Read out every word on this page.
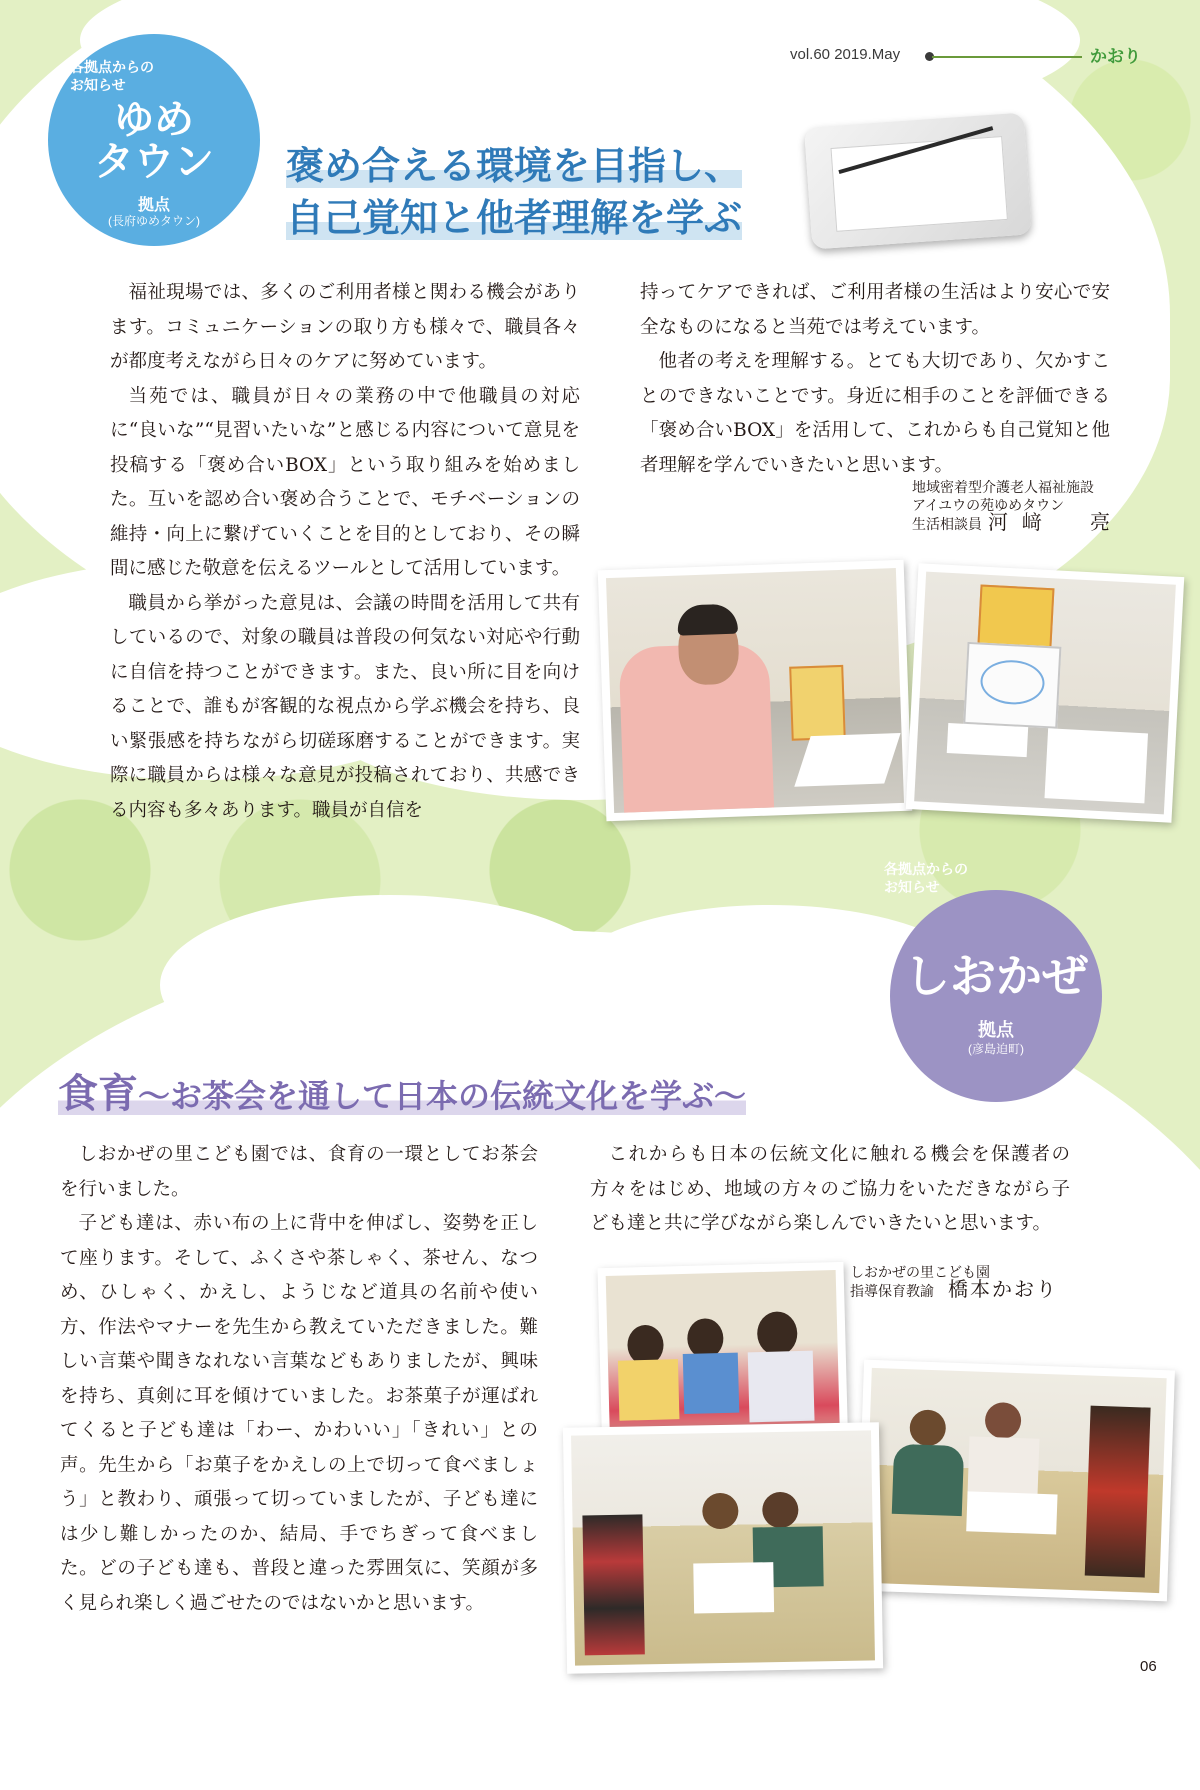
vol.60 2019.May	かおり
各拠点からの
お知らせ
ゆめ
タウン
拠点
(長府ゆめタウン)
褒め合える環境を目指し、
自己覚知と他者理解を学ぶ

福祉現場では、多くのご利用者様と関わる機会があります。コミュニケーションの取り方も様々で、職員各々が都度考えながら日々のケアに努めています。

当苑では、職員が日々の業務の中で他職員の対応に“良いな”“見習いたいな”と感じる内容について意見を投稿する「褒め合いBOX」という取り組みを始めました。互いを認め合い褒め合うことで、モチベーションの維持・向上に繋げていくことを目的としており、その瞬間に感じた敬意を伝えるツールとして活用しています。

職員から挙がった意見は、会議の時間を活用して共有しているので、対象の職員は普段の何気ない対応や行動に自信を持つことができます。また、良い所に目を向けることで、誰もが客観的な視点から学ぶ機会を持ち、良い緊張感を持ちながら切磋琢磨することができます。実際に職員からは様々な意見が投稿されており、共感できる内容も多々あります。職員が自信を

持ってケアできれば、ご利用者様の生活はより安心で安全なものになると当苑では考えています。

他者の考えを理解する。とても大切であり、欠かすことのできないことです。身近に相手のことを評価できる「褒め合いBOX」を活用して、これからも自己覚知と他者理解を学んでいきたいと思います。

地域密着型介護老人福祉施設
アイユウの苑ゆめタウン
生活相談員 河﨑　亮
各拠点からの
お知らせ
しおかぜ
拠点
(彦島迫町)
食育～お茶会を通して日本の伝統文化を学ぶ～

しおかぜの里こども園では、食育の一環としてお茶会を行いました。

子ども達は、赤い布の上に背中を伸ばし、姿勢を正して座ります。そして、ふくさや茶しゃく、茶せん、なつめ、ひしゃく、かえし、ようじなど道具の名前や使い方、作法やマナーを先生から教えていただきました。難しい言葉や聞きなれない言葉などもありましたが、興味を持ち、真剣に耳を傾けていました。お茶菓子が運ばれてくると子ども達は「わー、かわいい」「きれい」との声。先生から「お菓子をかえしの上で切って食べましょう」と教わり、頑張って切っていましたが、子ども達には少し難しかったのか、結局、手でちぎって食べました。どの子ども達も、普段と違った雰囲気に、笑顔が多く見られ楽しく過ごせたのではないかと思います。

これからも日本の伝統文化に触れる機会を保護者の方々をはじめ、地域の方々のご協力をいただきながら子ども達と共に学びながら楽しんでいきたいと思います。

しおかぜの里こども園
指導保育教諭 橋本かおり
06
